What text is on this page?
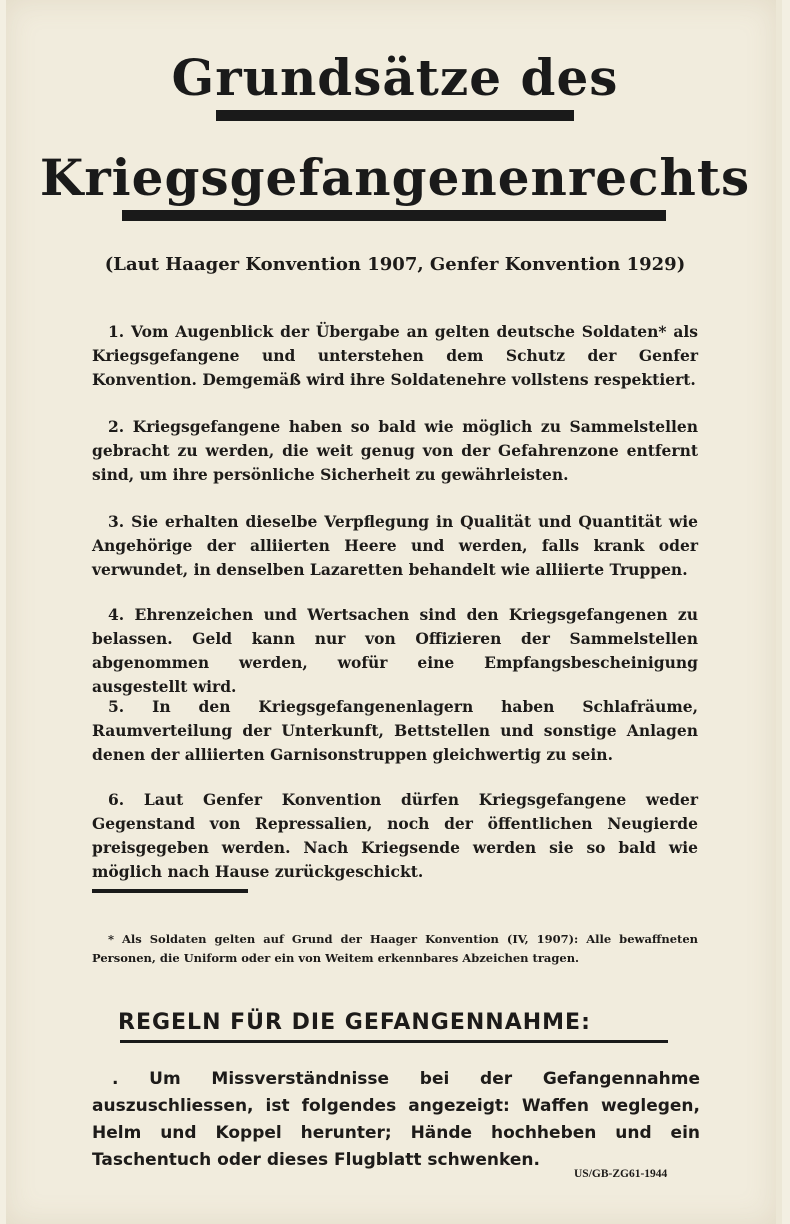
Grundsätze des
Kriegsgefangenenrechts
(Laut Haager Konvention 1907, Genfer Konvention 1929)
1. Vom Augenblick der Übergabe an gelten deutsche Soldaten* als Kriegsgefangene und unterstehen dem Schutz der Genfer Konvention. Demgemäß wird ihre Soldatenehre vollstens respektiert.
2. Kriegsgefangene haben so bald wie möglich zu Sammelstellen gebracht zu werden, die weit genug von der Gefahrenzone entfernt sind, um ihre persönliche Sicherheit zu gewährleisten.
3. Sie erhalten dieselbe Verpflegung in Qualität und Quantität wie Angehörige der alliierten Heere und werden, falls krank oder verwundet, in denselben Lazaretten behandelt wie alliierte Truppen.
4. Ehrenzeichen und Wertsachen sind den Kriegsgefangenen zu belassen. Geld kann nur von Offizieren der Sammelstellen abgenommen werden, wofür eine Empfangsbescheinigung ausgestellt wird.
5. In den Kriegsgefangenenlagern haben Schlafräume, Raumverteilung der Unterkunft, Bettstellen und sonstige Anlagen denen der alliierten Garnisonstruppen gleichwertig zu sein.
6. Laut Genfer Konvention dürfen Kriegsgefangene weder Gegenstand von Repressalien, noch der öffentlichen Neugierde preisgegeben werden. Nach Kriegsende werden sie so bald wie möglich nach Hause zurückgeschickt.
* Als Soldaten gelten auf Grund der Haager Konvention (IV, 1907): Alle bewaffneten Personen, die Uniform oder ein von Weitem erkennbares Abzeichen tragen.
REGELN FÜR DIE GEFANGENNAHME:
. Um Missverständnisse bei der Gefangennahme auszuschliessen, ist folgendes angezeigt: Waffen weglegen, Helm und Koppel herunter; Hände hochheben und ein Taschentuch oder dieses Flugblatt schwenken.
US/GB-ZG61-1944
